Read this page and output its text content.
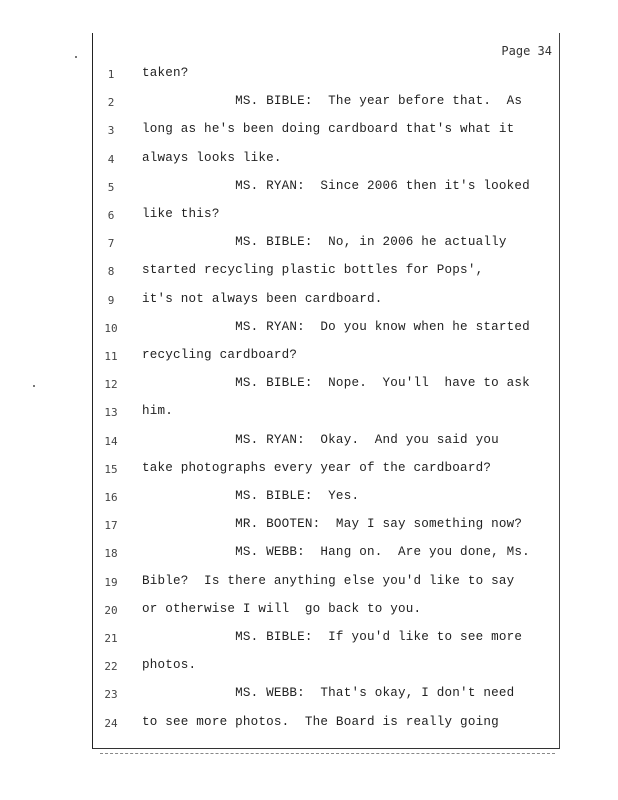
Page 34
1	taken?
2	MS. BIBLE:  The year before that.  As
3	long as he's been doing cardboard that's what it
4	always looks like.
5	MS. RYAN:  Since 2006 then it's looked
6	like this?
7	MS. BIBLE:  No, in 2006 he actually
8	started recycling plastic bottles for Pops',
9	it's not always been cardboard.
10	MS. RYAN:  Do you know when he started
11	recycling cardboard?
12	MS. BIBLE:  Nope.  You'll  have to ask
13	him.
14	MS. RYAN:  Okay.  And you said you
15	take photographs every year of the cardboard?
16	MS. BIBLE:  Yes.
17	MR. BOOTEN:  May I say something now?
18	MS. WEBB:  Hang on.  Are you done, Ms.
19	Bible?  Is there anything else you'd like to say
20	or otherwise I will  go back to you.
21	MS. BIBLE:  If you'd like to see more
22	photos.
23	MS. WEBB:  That's okay, I don't need
24	to see more photos.  The Board is really going
